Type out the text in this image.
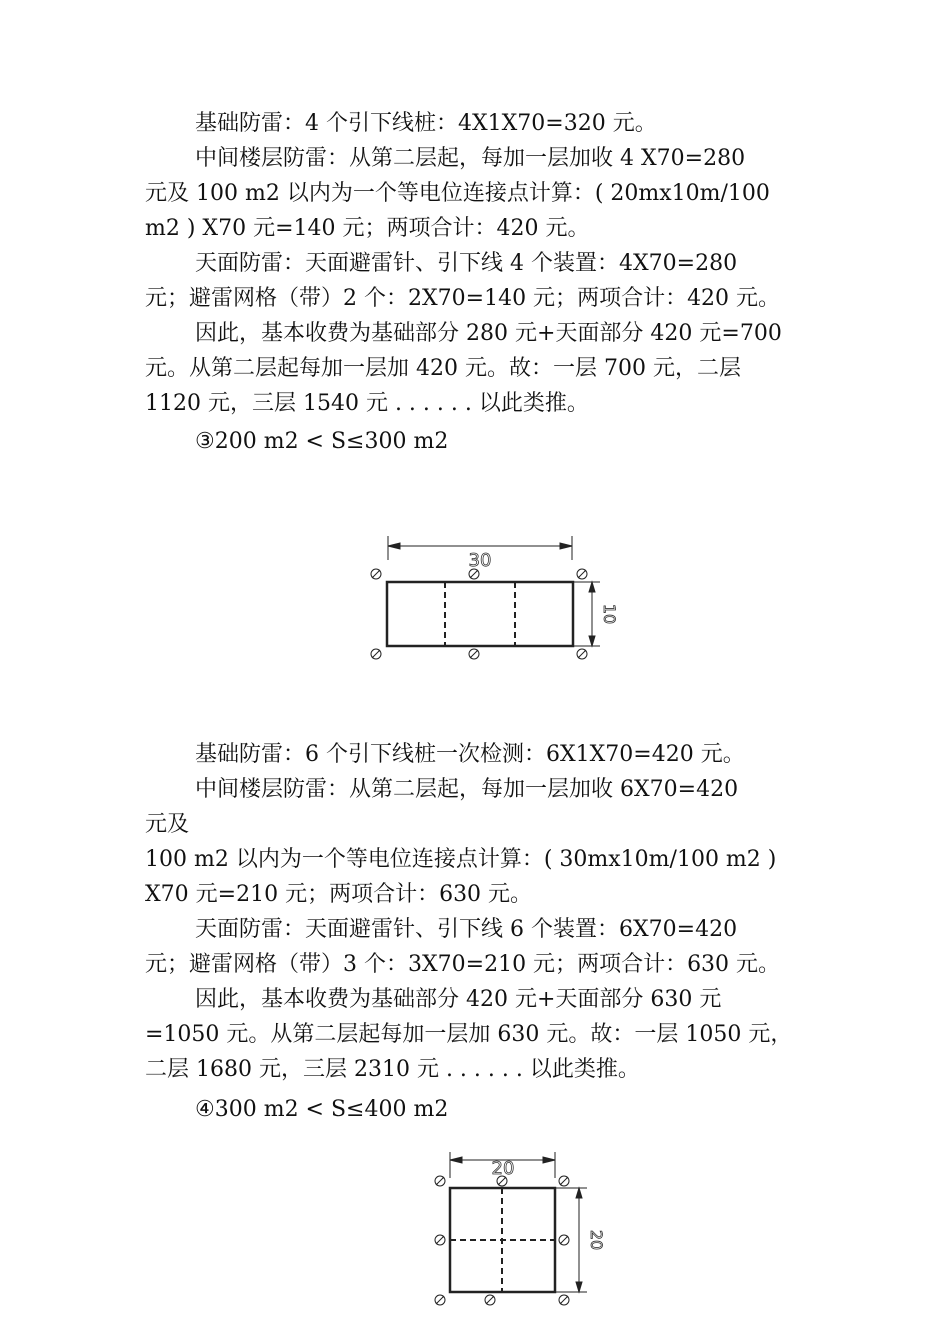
基础防雷：4 个引下线桩：4X1X70=320 元。
中间楼层防雷：从第二层起，每加一层加收 4 X70=280
元及 100 m2 以内为一个等电位连接点计算：( 20mx10m/100
m2 ) X70 元=140 元；两项合计：420 元。
天面防雷：天面避雷针、引下线 4 个装置：4X70=280
元；避雷网格（带）2 个：2X70=140 元；两项合计：420 元。
因此，基本收费为基础部分 280 元+天面部分 420 元=700
元。从第二层起每加一层加 420 元。故：一层 700 元，二层
1120 元，三层 1540 元 . . . . . . 以此类推。
③200 m2 < S≤300 m2
30
10
基础防雷：6 个引下线桩一次检测：6X1X70=420 元。
中间楼层防雷：从第二层起，每加一层加收 6X70=420
元及
100 m2 以内为一个等电位连接点计算：( 30mx10m/100 m2 )
X70 元=210 元；两项合计：630 元。
天面防雷：天面避雷针、引下线 6 个装置：6X70=420
元；避雷网格（带）3 个：3X70=210 元；两项合计：630 元。
因此，基本收费为基础部分 420 元+天面部分 630 元
=1050 元。从第二层起每加一层加 630 元。故：一层 1050 元，
二层 1680 元，三层 2310 元 . . . . . . 以此类推。
④300 m2 < S≤400 m2
20
20
